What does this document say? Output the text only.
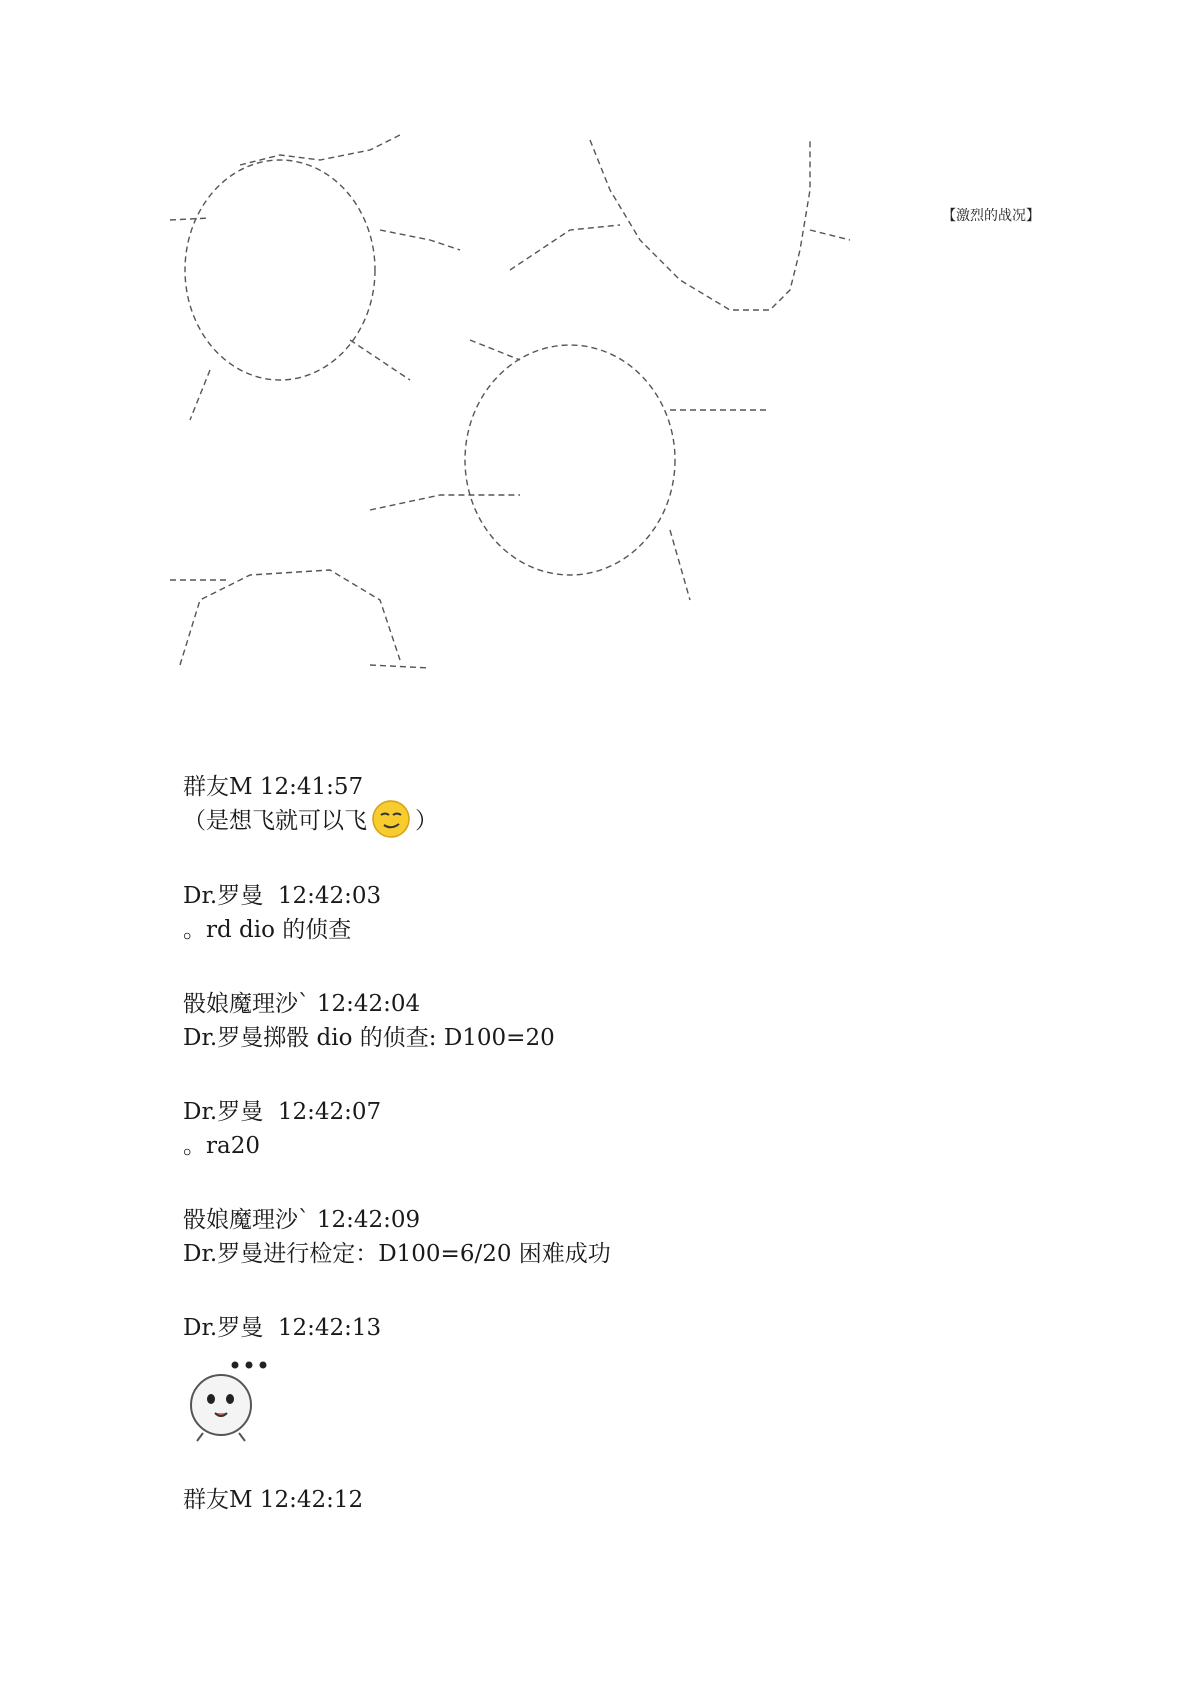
【激烈的战况】
群友M 12:41:57
（是想飞就可以飞 ）
Dr.罗曼 12:42:03
。rd dio 的侦查
骰娘魔理沙` 12:42:04
Dr.罗曼掷骰 dio 的侦查: D100=20
Dr.罗曼 12:42:07
。ra20
骰娘魔理沙` 12:42:09
Dr.罗曼进行检定：D100=6/20 困难成功
Dr.罗曼 12:42:13
群友M 12:42:12
